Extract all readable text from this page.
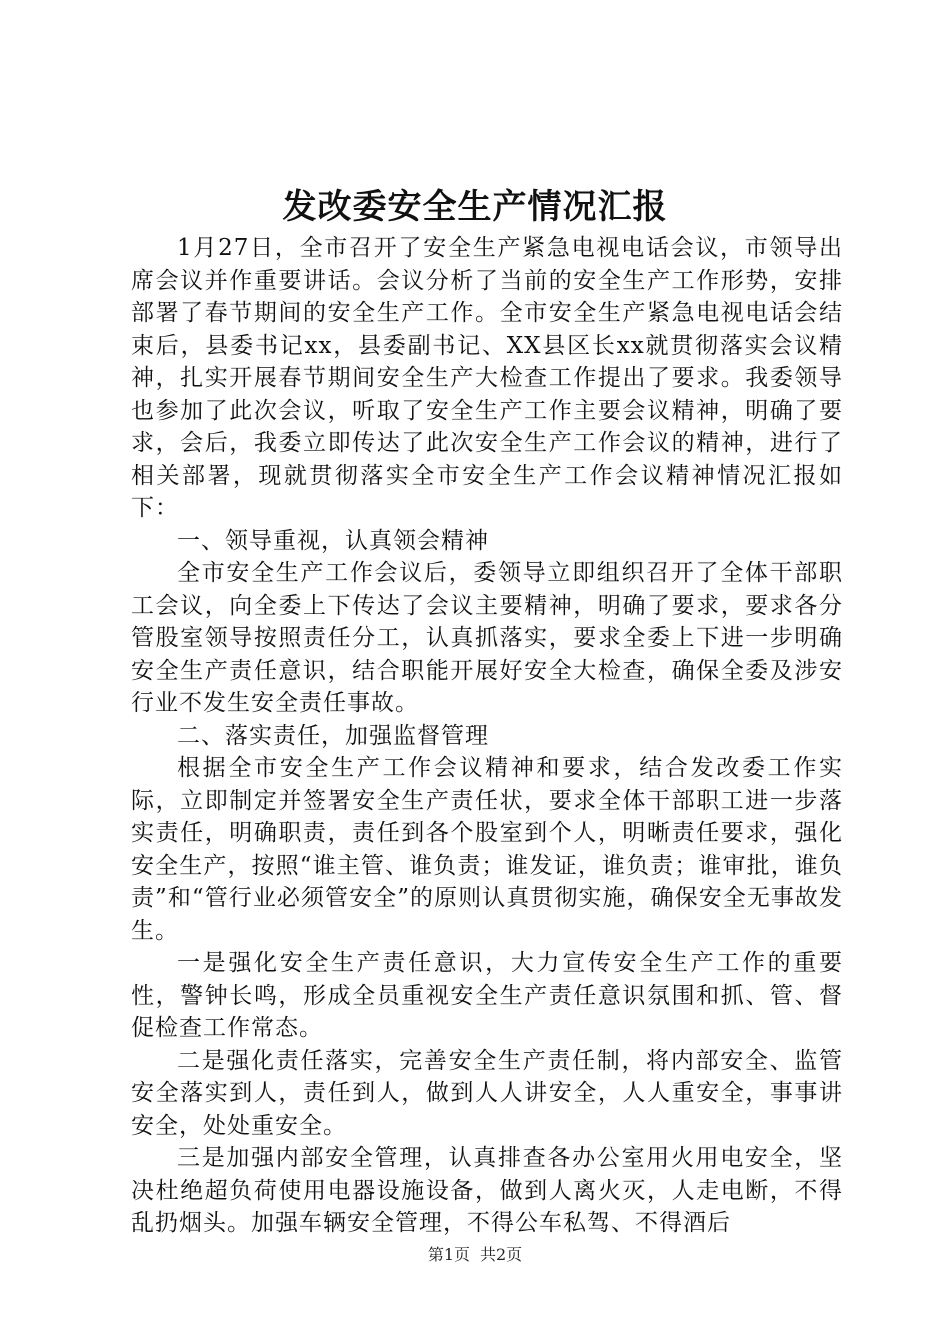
发改委安全生产情况汇报

1月27日，全市召开了安全生产紧急电视电话会议，市领导出席会议并作重要讲话。会议分析了当前的安全生产工作形势，安排部署了春节期间的安全生产工作。全市安全生产紧急电视电话会结束后，县委书记xx，县委副书记、XX县区长xx就贯彻落实会议精神，扎实开展春节期间安全生产大检查工作提出了要求。我委领导也参加了此次会议，听取了安全生产工作主要会议精神，明确了要求，会后，我委立即传达了此次安全生产工作会议的精神，进行了相关部署，现就贯彻落实全市安全生产工作会议精神情况汇报如下：

一、领导重视，认真领会精神

全市安全生产工作会议后，委领导立即组织召开了全体干部职工会议，向全委上下传达了会议主要精神，明确了要求，要求各分管股室领导按照责任分工，认真抓落实，要求全委上下进一步明确安全生产责任意识，结合职能开展好安全大检查，确保全委及涉安行业不发生安全责任事故。

二、落实责任，加强监督管理

根据全市安全生产工作会议精神和要求，结合发改委工作实际，立即制定并签署安全生产责任状，要求全体干部职工进一步落实责任，明确职责，责任到各个股室到个人，明晰责任要求，强化安全生产，按照“谁主管、谁负责；谁发证，谁负责；谁审批，谁负责”和“管行业必须管安全”的原则认真贯彻实施，确保安全无事故发生。

一是强化安全生产责任意识，大力宣传安全生产工作的重要性，警钟长鸣，形成全员重视安全生产责任意识氛围和抓、管、督促检查工作常态。

二是强化责任落实，完善安全生产责任制，将内部安全、监管安全落实到人，责任到人，做到人人讲安全，人人重安全，事事讲安全，处处重安全。

三是加强内部安全管理，认真排查各办公室用火用电安全，坚决杜绝超负荷使用电器设施设备，做到人离火灭，人走电断，不得乱扔烟头。加强车辆安全管理，不得公车私驾、不得酒后

第1页 共2页
